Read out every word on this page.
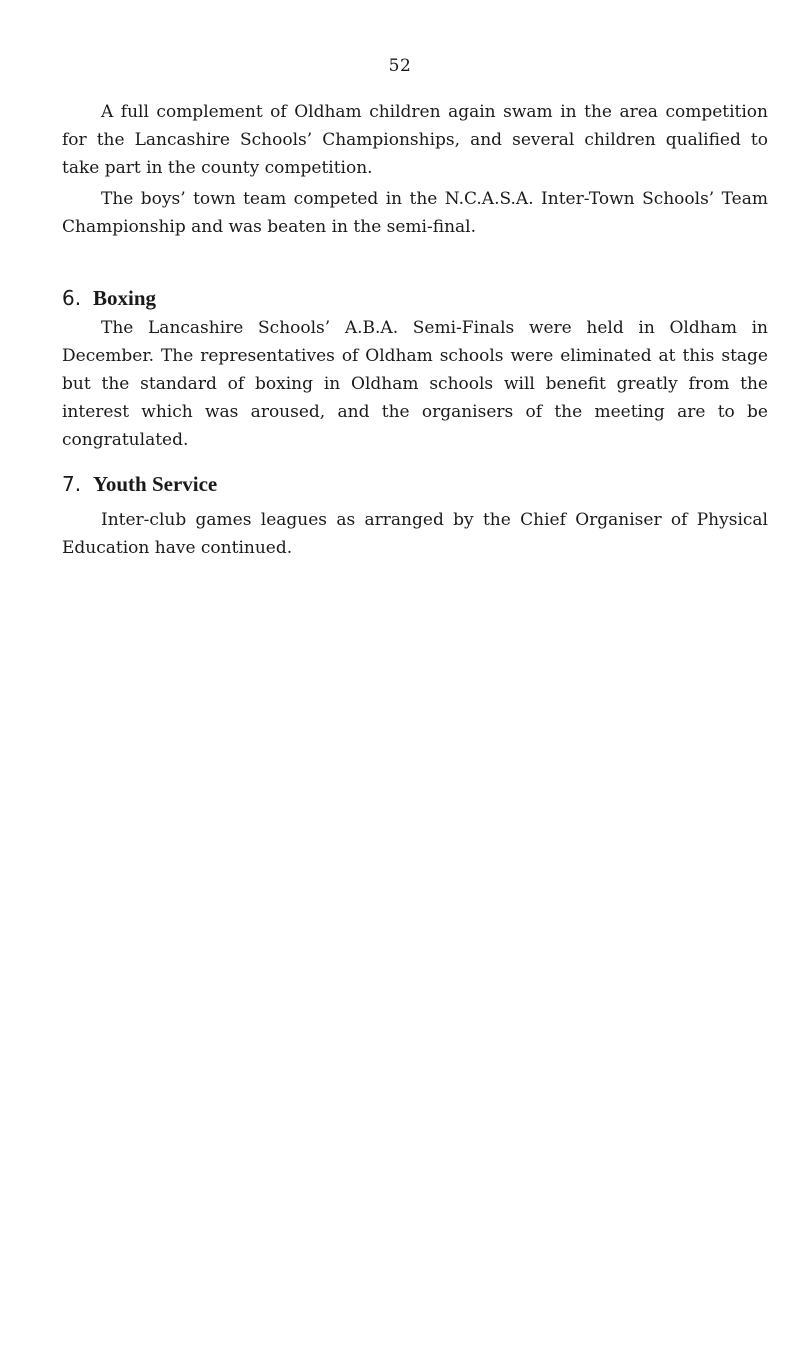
52

A full complement of Oldham children again swam in the area competition for the Lancashire Schools’ Championships, and several children qualified to take part in the county competition.

The boys’ town team competed in the N.C.A.S.A. Inter-Town Schools’ Team Championship and was beaten in the semi-final.

6. Boxing

The Lancashire Schools’ A.B.A. Semi-Finals were held in Oldham in December. The representatives of Oldham schools were eliminated at this stage but the standard of boxing in Oldham schools will benefit greatly from the interest which was aroused, and the organisers of the meeting are to be congratulated.

7. Youth Service

Inter-club games leagues as arranged by the Chief Organiser of Physical Education have continued.
